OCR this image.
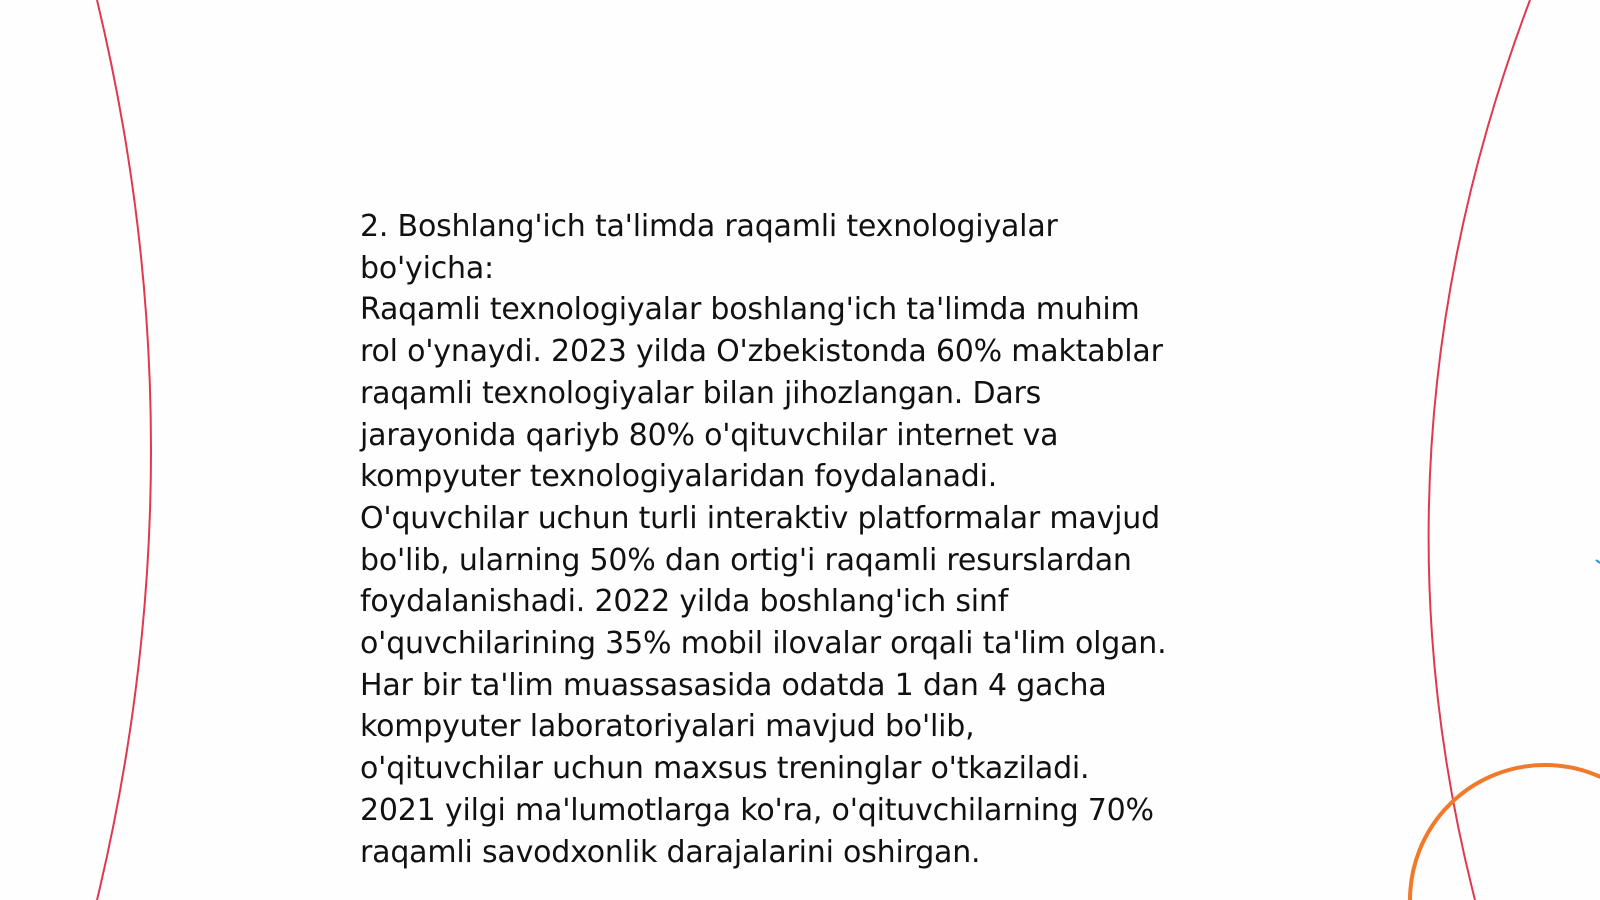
2. Boshlang'ich ta'limda raqamli texnologiyalar
bo'yicha:
Raqamli texnologiyalar boshlang'ich ta'limda muhim
rol o'ynaydi. 2023 yilda O'zbekistonda 60% maktablar
raqamli texnologiyalar bilan jihozlangan. Dars
jarayonida qariyb 80% o'qituvchilar internet va
kompyuter texnologiyalaridan foydalanadi.
O'quvchilar uchun turli interaktiv platformalar mavjud
bo'lib, ularning 50% dan ortig'i raqamli resurslardan
foydalanishadi. 2022 yilda boshlang'ich sinf
o'quvchilarining 35% mobil ilovalar orqali ta'lim olgan.
Har bir ta'lim muassasasida odatda 1 dan 4 gacha
kompyuter laboratoriyalari mavjud bo'lib,
o'qituvchilar uchun maxsus treninglar o'tkaziladi.
2021 yilgi ma'lumotlarga ko'ra, o'qituvchilarning 70%
raqamli savodxonlik darajalarini oshirgan.
